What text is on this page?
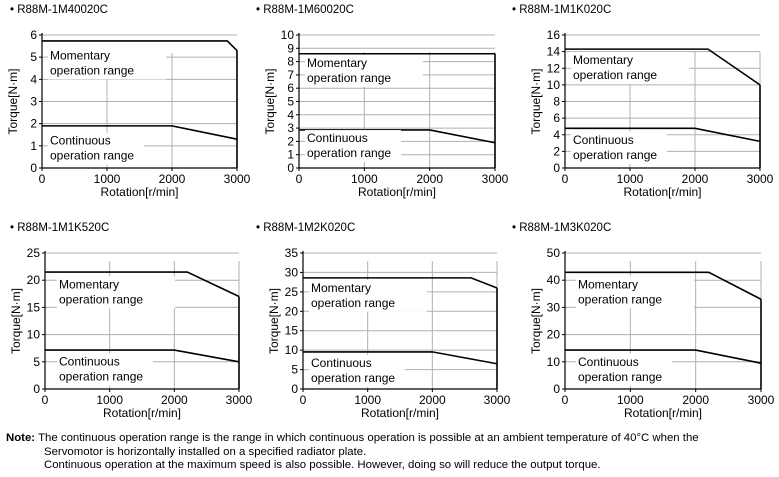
• R88M-1M40020C
0
1
2
3
4
5
6
0	1000	2000	3000
Rotation[r/min]
Torque[N·m]
Momentary
operation range
Continuous
operation range
• R88M-1M60020C
0
1
2
3
4
5
6
7
8
9
10
0	1000	2000	3000
Rotation[r/min]
Torque[N·m]
Momentary
operation range
Continuous
operation range
• R88M-1M1K020C
0
2
4
6
8
10
12
14
16
0	1000	2000	3000
Rotation[r/min]
Torque[N·m]
Momentary
operation range
Continuous
operation range
• R88M-1M1K520C
0
5
10
15
20
25
0	1000	2000	3000
Rotation[r/min]
Torque[N·m]
Momentary
operation range
Continuous
operation range
• R88M-1M2K020C
0
5
10
15
20
25
30
35
0	1000	2000	3000
Rotation[r/min]
Torque[N·m]
Momentary
operation range
Continuous
operation range
• R88M-1M3K020C
0
10
20
30
40
50
0	1000	2000	3000
Rotation[r/min]
Torque[N·m]
Momentary
operation range
Continuous
operation range
Note: The continuous operation range is the range in which continuous operation is possible at an ambient temperature of 40°C when the
Servomotor is horizontally installed on a specified radiator plate.
Continuous operation at the maximum speed is also possible. However, doing so will reduce the output torque.
